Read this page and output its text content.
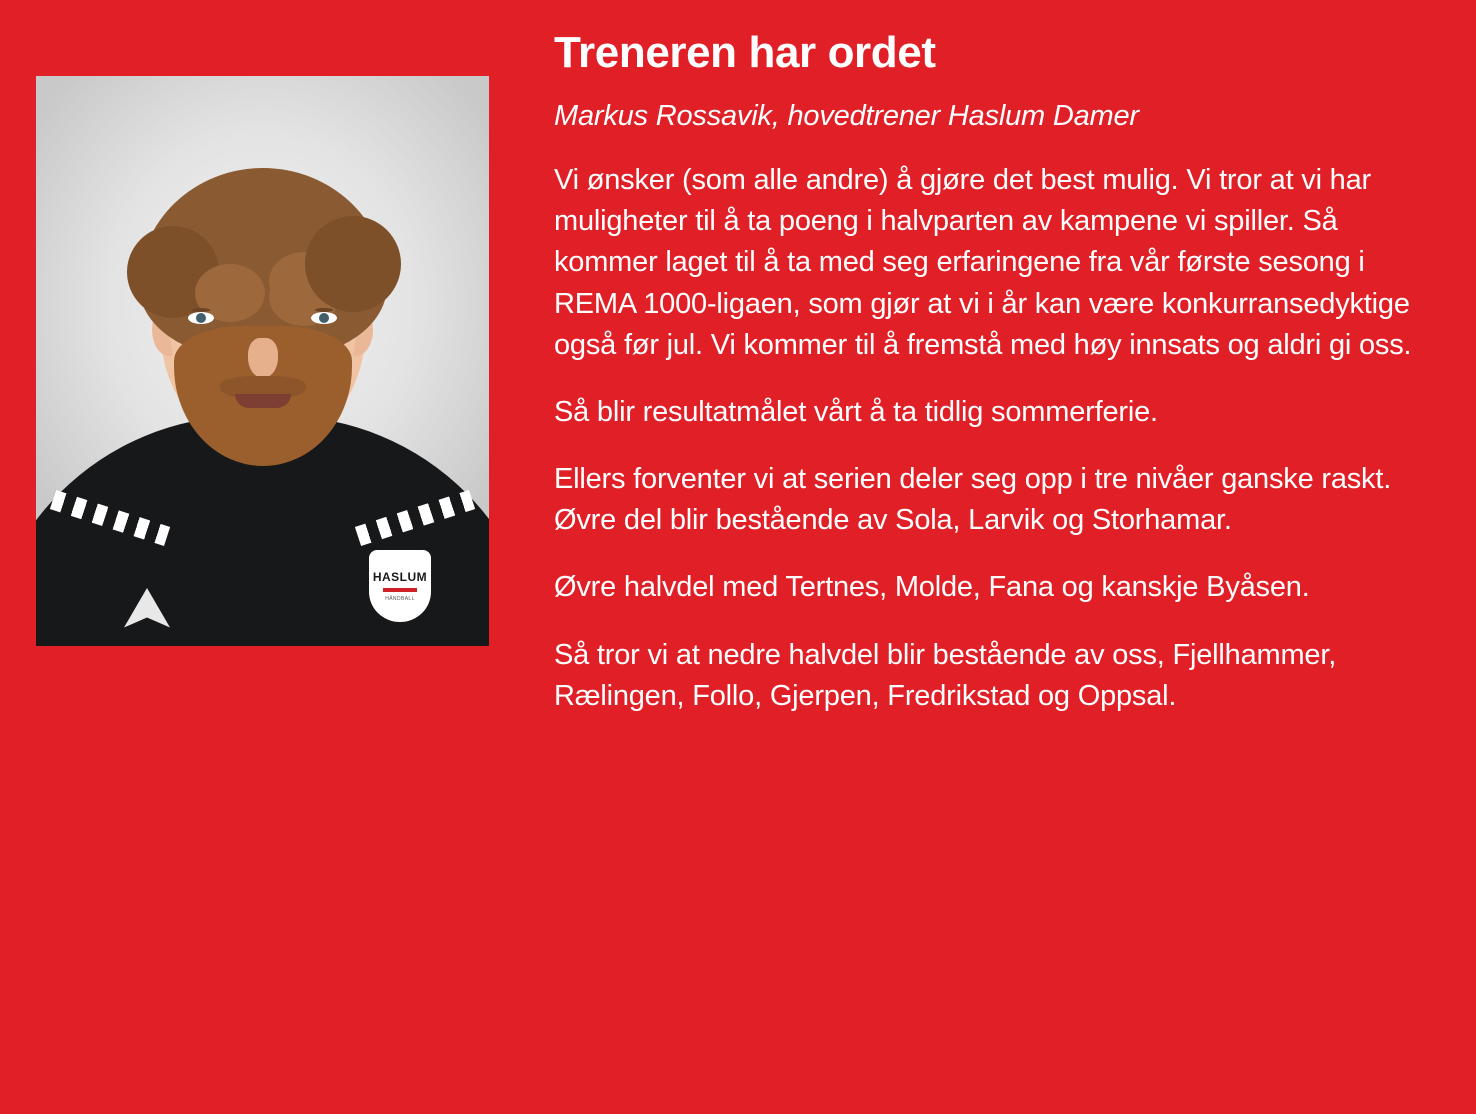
HASLUM
HÅNDBALL
Treneren har ordet

Markus Rossavik, hovedtrener Haslum Damer

Vi ønsker (som alle andre) å gjøre det best mulig. Vi tror at vi har muligheter til å ta poeng i halvparten av kampene vi spiller. Så kommer laget til å ta med seg erfaringene fra vår første sesong i REMA 1000-ligaen, som gjør at vi i år kan være konkurransedyktige også før jul. Vi kommer til å fremstå med høy innsats og aldri gi oss.

Så blir resultatmålet vårt å ta tidlig sommerferie.

Ellers forventer vi at serien deler seg opp i tre nivåer ganske raskt. Øvre del blir bestående av Sola, Larvik og Storhamar.

Øvre halvdel med Tertnes, Molde, Fana og kanskje Byåsen.

Så tror vi at nedre halvdel blir bestående av oss, Fjellhammer, Rælingen, Follo, Gjerpen, Fredrikstad og Oppsal.
